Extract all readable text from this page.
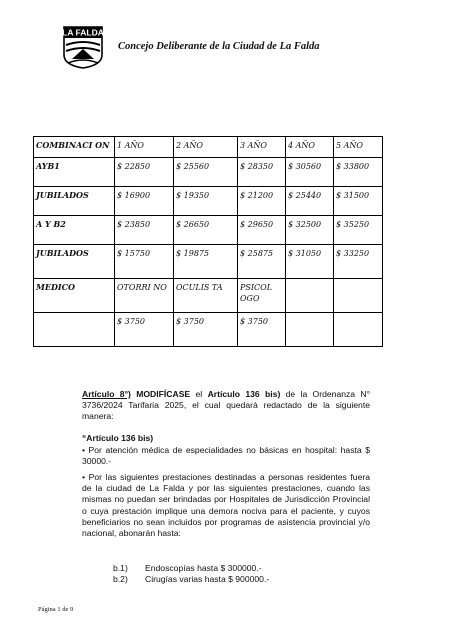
LA FALDA
Concejo Deliberante de la Ciudad de La Falda
COMBINACI ON	1 AÑO	2 AÑO	3 AÑO	4 AÑO	5 AÑO
AYB1	$ 22850	$ 25560	$ 28350	$ 30560	$ 33800
JUBILADOS	$ 16900	$ 19350	$ 21200	$ 25440	$ 31500
A Y B2	$ 23850	$ 26650	$ 29650	$ 32500	$ 35250
JUBILADOS	$ 15750	$ 19875	$ 25875	$ 31050	$ 33250
MEDICO	OTORRI NO	OCULIS TA	PSICOL OGO		
	$ 3750	$ 3750	$ 3750		
Artículo 8°) MODIFÍCASE el Artículo 136 bis) de la Ordenanza N° 3736/2024 Tarifaria 2025, el cual quedará redactado de la siguiente manera:
“Artículo 136 bis)
• Por atención médica de especialidades no básicas en hospital: hasta $ 30000.-
• Por las siguientes prestaciones destinadas a personas residentes fuera de la ciudad de La Falda y por las siguientes prestaciones, cuando las mismas no puedan ser brindadas por Hospitales de Jurisdicción Provincial o cuya prestación implique una demora nociva para el paciente, y cuyos beneficiarios no sean incluidos por programas de asistencia provincial y/o nacional, abonarán hasta:
b.1) Endoscopías hasta $ 300000.-
b.2) Cirugías varias hasta $ 900000.-
Página 1 de 9
